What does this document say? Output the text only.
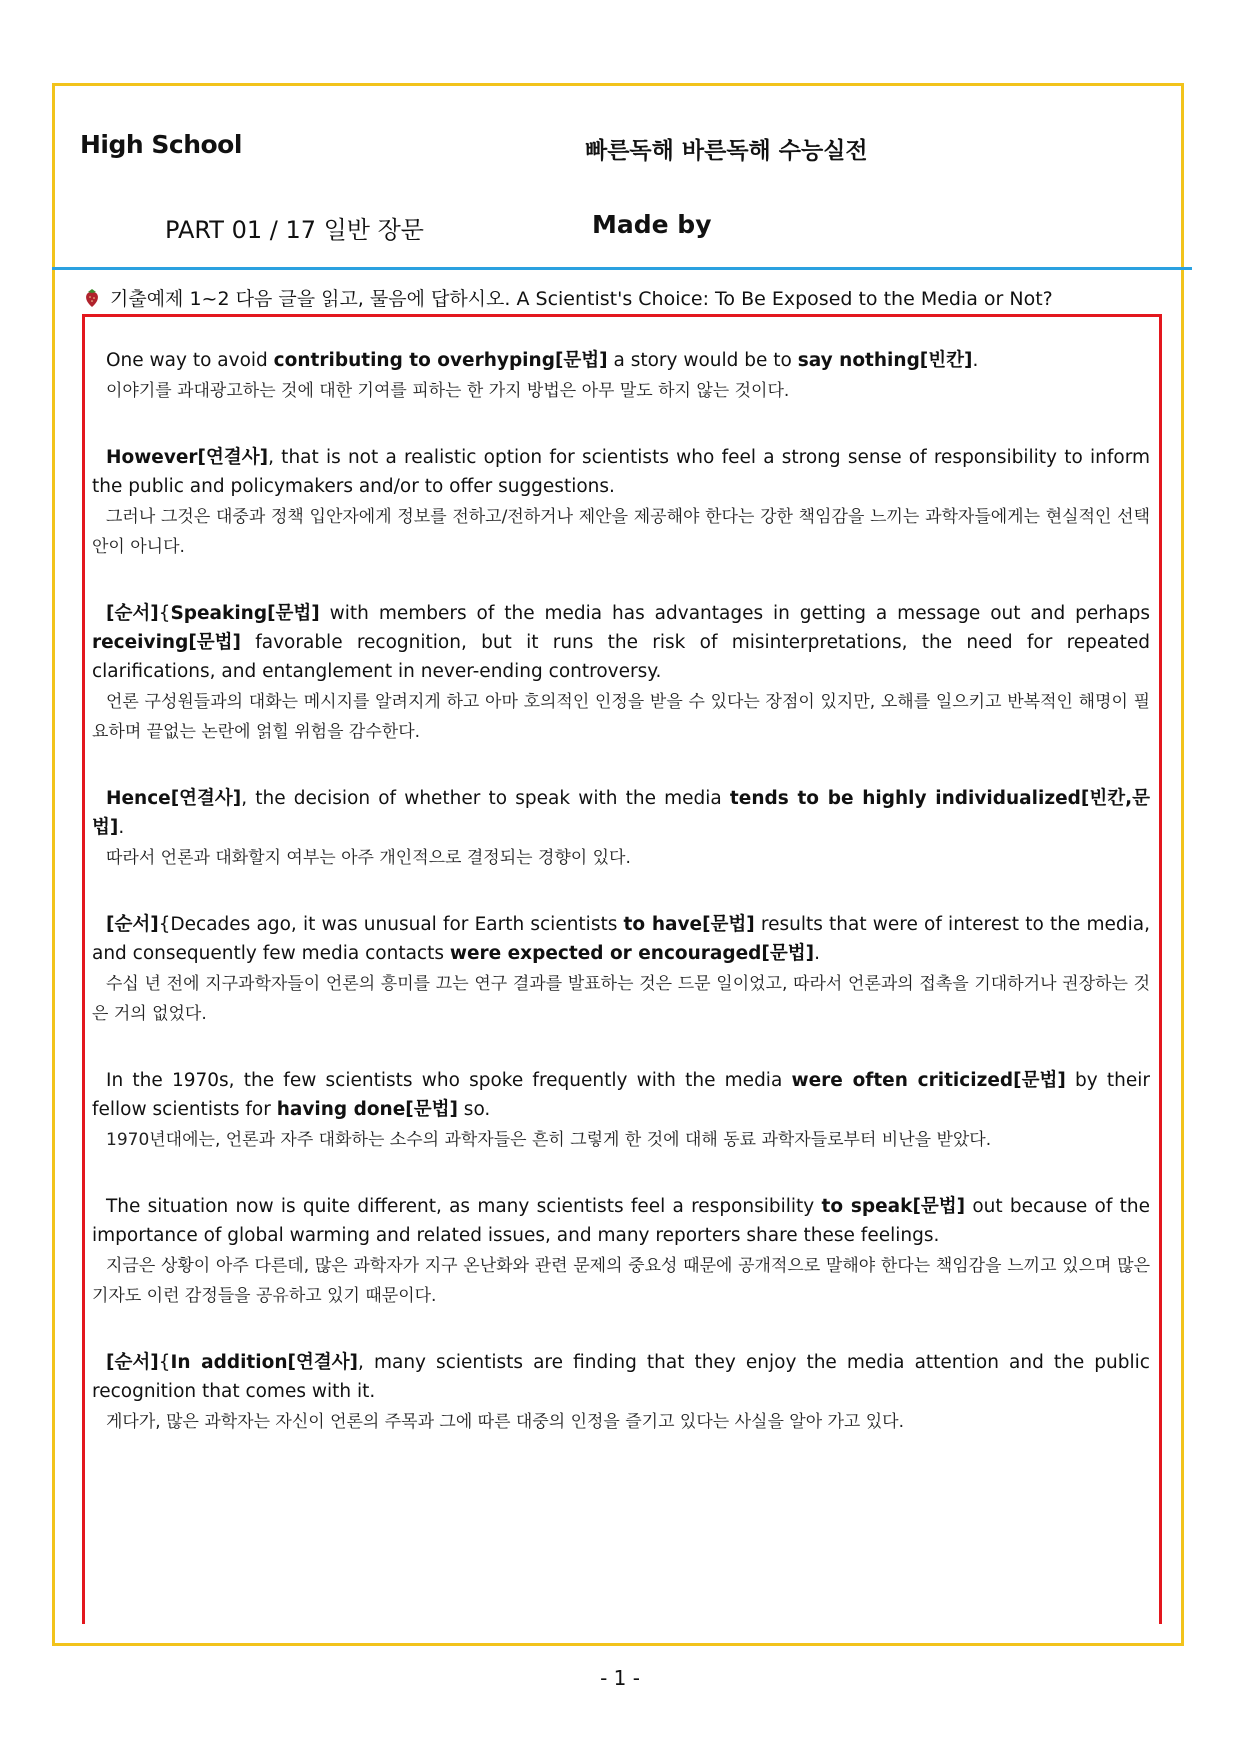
High School	빠른독해 바른독해 수능실전
PART 01 / 17 일반 장문	Made by
기출예제 1~2 다음 글을 읽고, 물음에 답하시오. A Scientist's Choice: To Be Exposed to the Media or Not?

One way to avoid contributing to overhyping[문법] a story would be to say nothing[빈칸].

이야기를 과대광고하는 것에 대한 기여를 피하는 한 가지 방법은 아무 말도 하지 않는 것이다.

However[연결사], that is not a realistic option for scientists who feel a strong sense of responsibility to inform the public and policymakers and/or to offer suggestions.

그러나 그것은 대중과 정책 입안자에게 정보를 전하고/전하거나 제안을 제공해야 한다는 강한 책임감을 느끼는 과학자들에게는 현실적인 선택안이 아니다.

[순서]{Speaking[문법] with members of the media has advantages in getting a message out and perhaps receiving[문법] favorable recognition, but it runs the risk of misinterpretations, the need for repeated clarifications, and entanglement in never-ending controversy.

언론 구성원들과의 대화는 메시지를 알려지게 하고 아마 호의적인 인정을 받을 수 있다는 장점이 있지만, 오해를 일으키고 반복적인 해명이 필요하며 끝없는 논란에 얽힐 위험을 감수한다.

Hence[연결사], the decision of whether to speak with the media tends to be highly individualized[빈칸,문법].

따라서 언론과 대화할지 여부는 아주 개인적으로 결정되는 경향이 있다.

[순서]{Decades ago, it was unusual for Earth scientists to have[문법] results that were of interest to the media, and consequently few media contacts were expected or encouraged[문법].

수십 년 전에 지구과학자들이 언론의 흥미를 끄는 연구 결과를 발표하는 것은 드문 일이었고, 따라서 언론과의 접촉을 기대하거나 권장하는 것은 거의 없었다.

In the 1970s, the few scientists who spoke frequently with the media were often criticized[문법] by their fellow scientists for having done[문법] so.

1970년대에는, 언론과 자주 대화하는 소수의 과학자들은 흔히 그렇게 한 것에 대해 동료 과학자들로부터 비난을 받았다.

The situation now is quite different, as many scientists feel a responsibility to speak[문법] out because of the importance of global warming and related issues, and many reporters share these feelings.

지금은 상황이 아주 다른데, 많은 과학자가 지구 온난화와 관련 문제의 중요성 때문에 공개적으로 말해야 한다는 책임감을 느끼고 있으며 많은 기자도 이런 감정들을 공유하고 있기 때문이다.

[순서]{In addition[연결사], many scientists are finding that they enjoy the media attention and the public recognition that comes with it.

게다가, 많은 과학자는 자신이 언론의 주목과 그에 따른 대중의 인정을 즐기고 있다는 사실을 알아 가고 있다.

- 1 -
